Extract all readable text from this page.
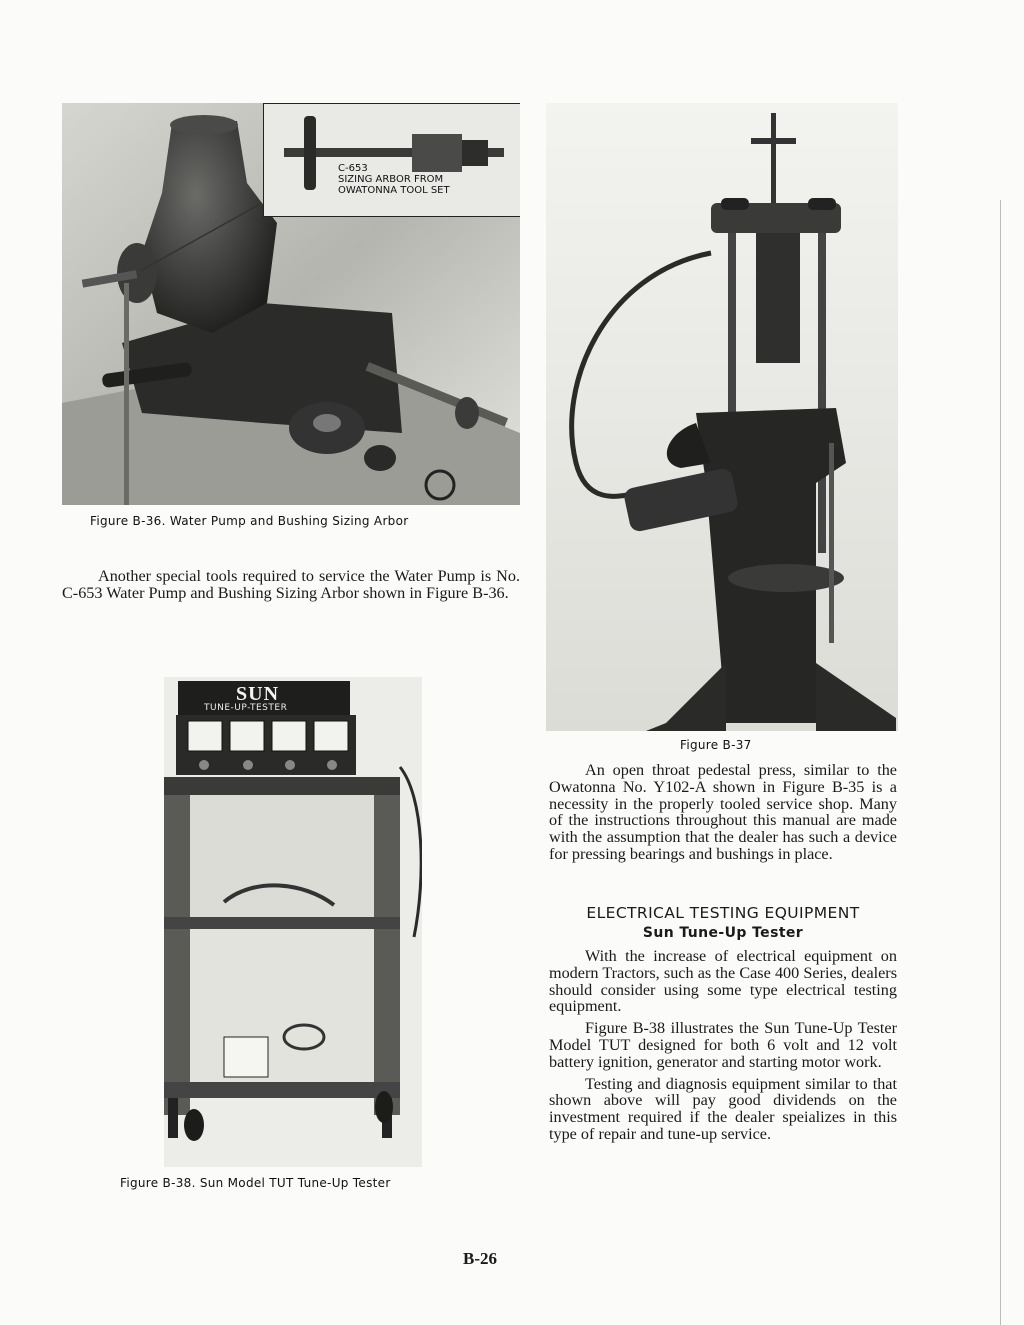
C-653
SIZING ARBOR FROM
OWATONNA TOOL SET
Figure B-36. Water Pump and Bushing Sizing Arbor

Another special tools required to service the Water Pump is No. C-653 Water Pump and Bushing Sizing Arbor shown in Figure B-36.

Figure B-37

An open throat pedestal press, similar to the Owatonna No. Y102-A shown in Figure B-35 is a necessity in the properly tooled service shop. Many of the instructions throughout this manual are made with the assumption that the dealer has such a device for pressing bearings and bushings in place.

SUN
TUNE-UP-TESTER
Figure B-38. Sun Model TUT Tune-Up Tester
ELECTRICAL TESTING EQUIPMENT
Sun Tune-Up Tester

With the increase of electrical equipment on modern Tractors, such as the Case 400 Series, dealers should consider using some type electrical testing equipment.

Figure B-38 illustrates the Sun Tune-Up Tester Model TUT designed for both 6 volt and 12 volt battery ignition, generator and starting motor work.

Testing and diagnosis equipment similar to that shown above will pay good dividends on the investment required if the dealer speializes in this type of repair and tune-up service.

B-26
